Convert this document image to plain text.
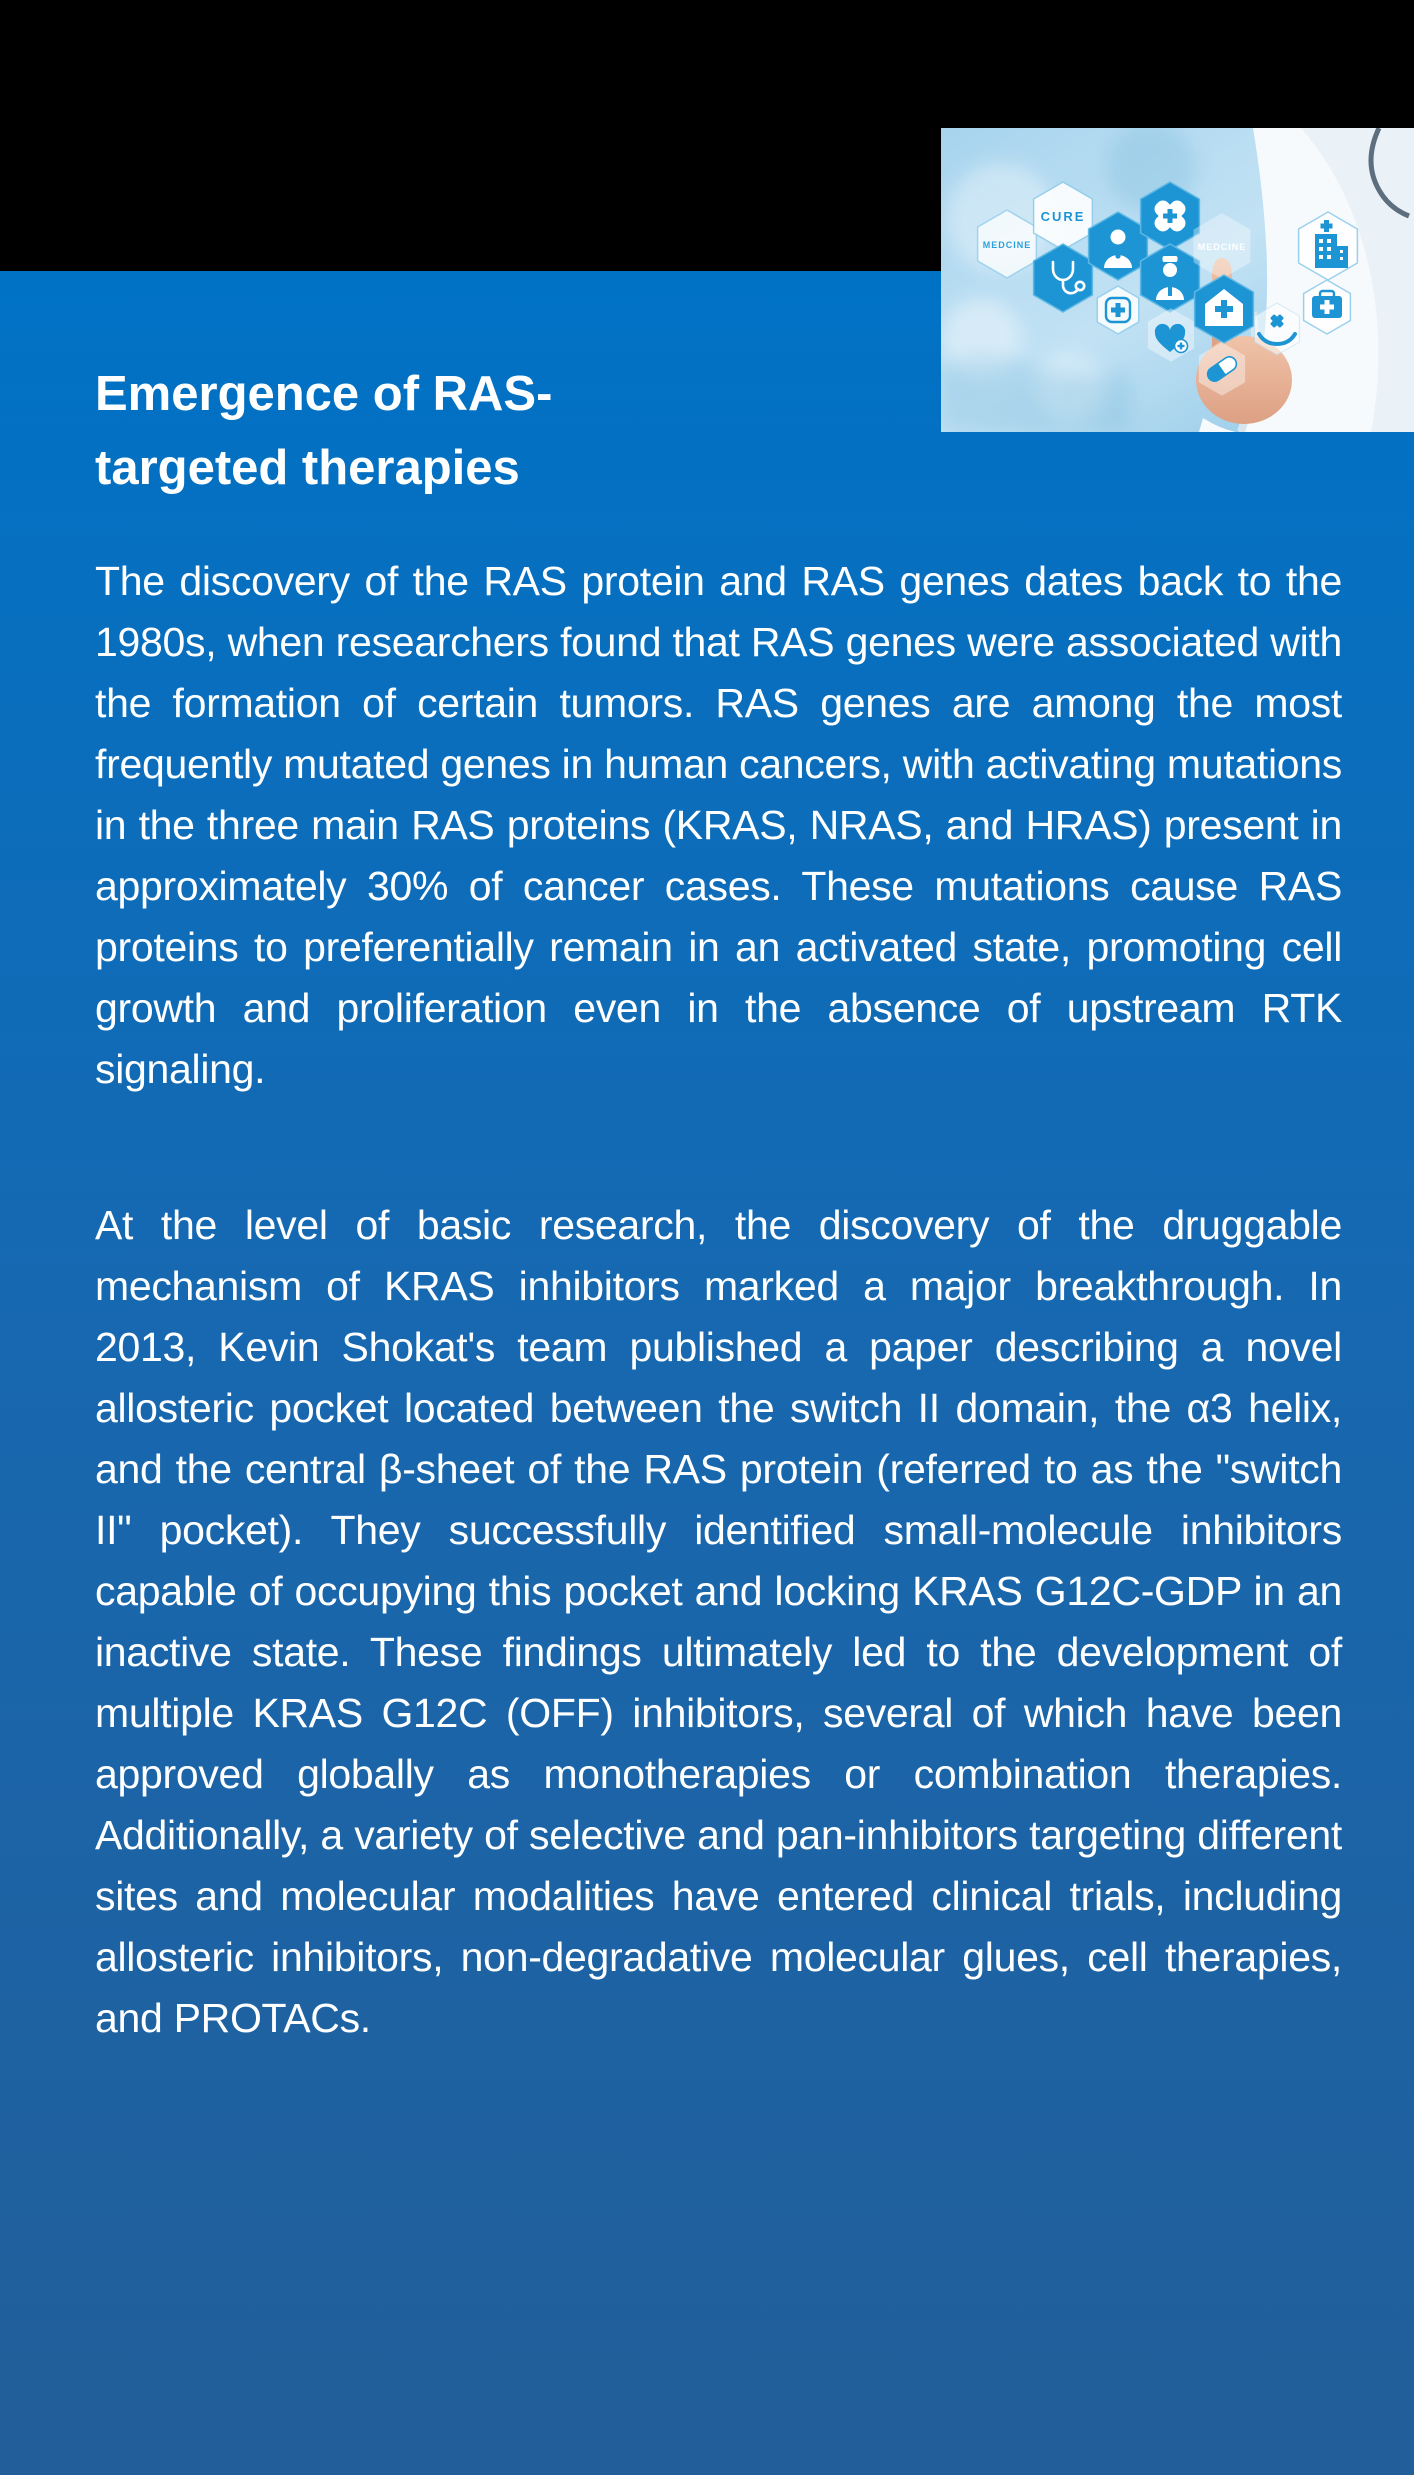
Emergence of RAS-
targeted therapies

The discovery of the RAS protein and RAS genes dates back to the 1980s, when researchers found that RAS genes were associated with the formation of certain tumors. RAS genes are among the most frequently mutated genes in human cancers, with activating mutations in the three main RAS proteins (KRAS, NRAS, and HRAS) present in approximately 30% of cancer cases. These mutations cause RAS proteins to preferentially remain in an activated state, promoting cell growth and proliferation even in the absence of upstream RTK signaling.

At the level of basic research, the discovery of the druggable mechanism of KRAS inhibitors marked a major breakthrough. In 2013, Kevin Shokat's team published a paper describing a novel allosteric pocket located between the switch II domain, the α3 helix, and the central β-sheet of the RAS protein (referred to as the "switch II" pocket). They successfully identified small-molecule inhibitors capable of occupying this pocket and locking KRAS G12C-GDP in an inactive state. These findings ultimately led to the development of multiple KRAS G12C (OFF) inhibitors, several of which have been approved globally as monotherapies or combination therapies. Additionally, a variety of selective and pan-inhibitors targeting different sites and molecular modalities have entered clinical trials, including allosteric inhibitors, non-degradative molecular glues, cell therapies, and PROTACs.

MEDCINE
CURE
MEDCINE
